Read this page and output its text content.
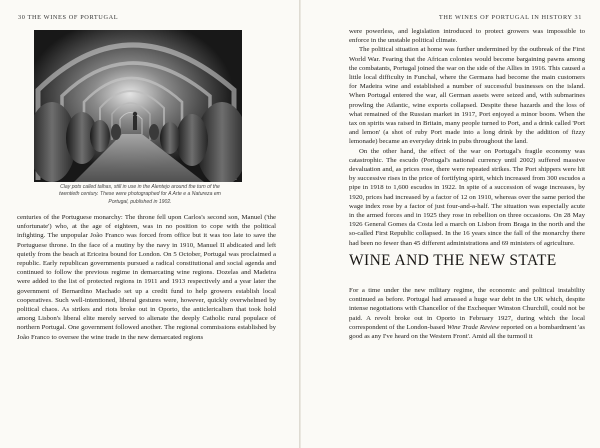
30 THE WINES OF PORTUGAL

Clay pots called talhas, still in use in the Alentejo around the turn of the

twentieth century. These were photographed for A Arte e a Natureza em

Portugal, published in 1902.

centuries of the Portuguese monarchy: The throne fell upon Carlos's second son, Manuel ('the unfortunate') who, at the age of eighteen, was in no position to cope with the political infighting. The unpopular João Franco was forced from office but it was too late to save the Portuguese throne. In the face of a mutiny by the navy in 1910, Manuel II abdicated and left quietly from the beach at Ericeira bound for London. On 5 October, Portugal was proclaimed a republic. Early republican governments pursued a radical constitutional and social agenda and continued to follow the previous regime in demarcating wine regions. Dozelas and Madeira were added to the list of protected regions in 1911 and 1913 respectively and a year later the government of Bernardino Machado set up a credit fund to help growers establish local cooperatives. Such well-intentioned, liberal gestures were, however, quickly overwhelmed by political chaos. As strikes and riots broke out in Oporto, the anticlericalism that took hold among Lisbon's liberal elite merely served to alienate the deeply Catholic rural populace of northern Portugal. One government followed another. The regional commissions established by João Franco to oversee the wine trade in the new demarcated regions

THE WINES OF PORTUGAL IN HISTORY 31

were powerless, and legislation introduced to protect growers was impossible to enforce in the unstable political climate.

The political situation at home was further undermined by the outbreak of the First World War. Fearing that the African colonies would become bargaining pawns among the combatants, Portugal joined the war on the side of the Allies in 1916. This caused a little local difficulty in Funchal, where the Germans had become the main customers for Madeira wine and established a number of successful businesses on the island. When Portugal entered the war, all German assets were seized and, with submarines prowling the Atlantic, wine exports collapsed. Despite these hazards and the loss of what remained of the Russian market in 1917, Port enjoyed a minor boom. When the tax on spirits was raised in Britain, many people turned to Port, and a drink called 'Port and lemon' (a shot of ruby Port made into a long drink by the addition of fizzy lemonade) became an everyday drink in pubs throughout the land.

On the other hand, the effect of the war on Portugal's fragile economy was catastrophic. The escudo (Portugal's national currency until 2002) suffered massive devaluation and, as prices rose, there were repeated strikes. The Port shippers were hit by successive rises in the price of fortifying spirit, which increased from 300 escudos a pipe in 1918 to 1,600 escudos in 1922. In spite of a succession of wage increases, by 1920, prices had increased by a factor of 12 on 1910, whereas over the same period the wage index rose by a factor of just four-and-a-half. The situation was especially acute in the armed forces and in 1925 they rose in rebellion on three occasions. On 28 May 1926 General Gomes da Costa led a march on Lisbon from Braga in the north and the so-called First Republic collapsed. In the 16 years since the fall of the monarchy there had been no fewer than 45 different administrations and 69 ministers of agriculture.

WINE AND THE NEW STATE

For a time under the new military regime, the economic and political instability continued as before. Portugal had amassed a huge war debt in the UK which, despite intense negotiations with Chancellor of the Exchequer Winston Churchill, could not be paid. A revolt broke out in Oporto in February 1927, during which the local correspondent of the London-based Wine Trade Review reported on a bombardment 'as good as any I've heard on the Western Front'. Amid all the turmoil it
